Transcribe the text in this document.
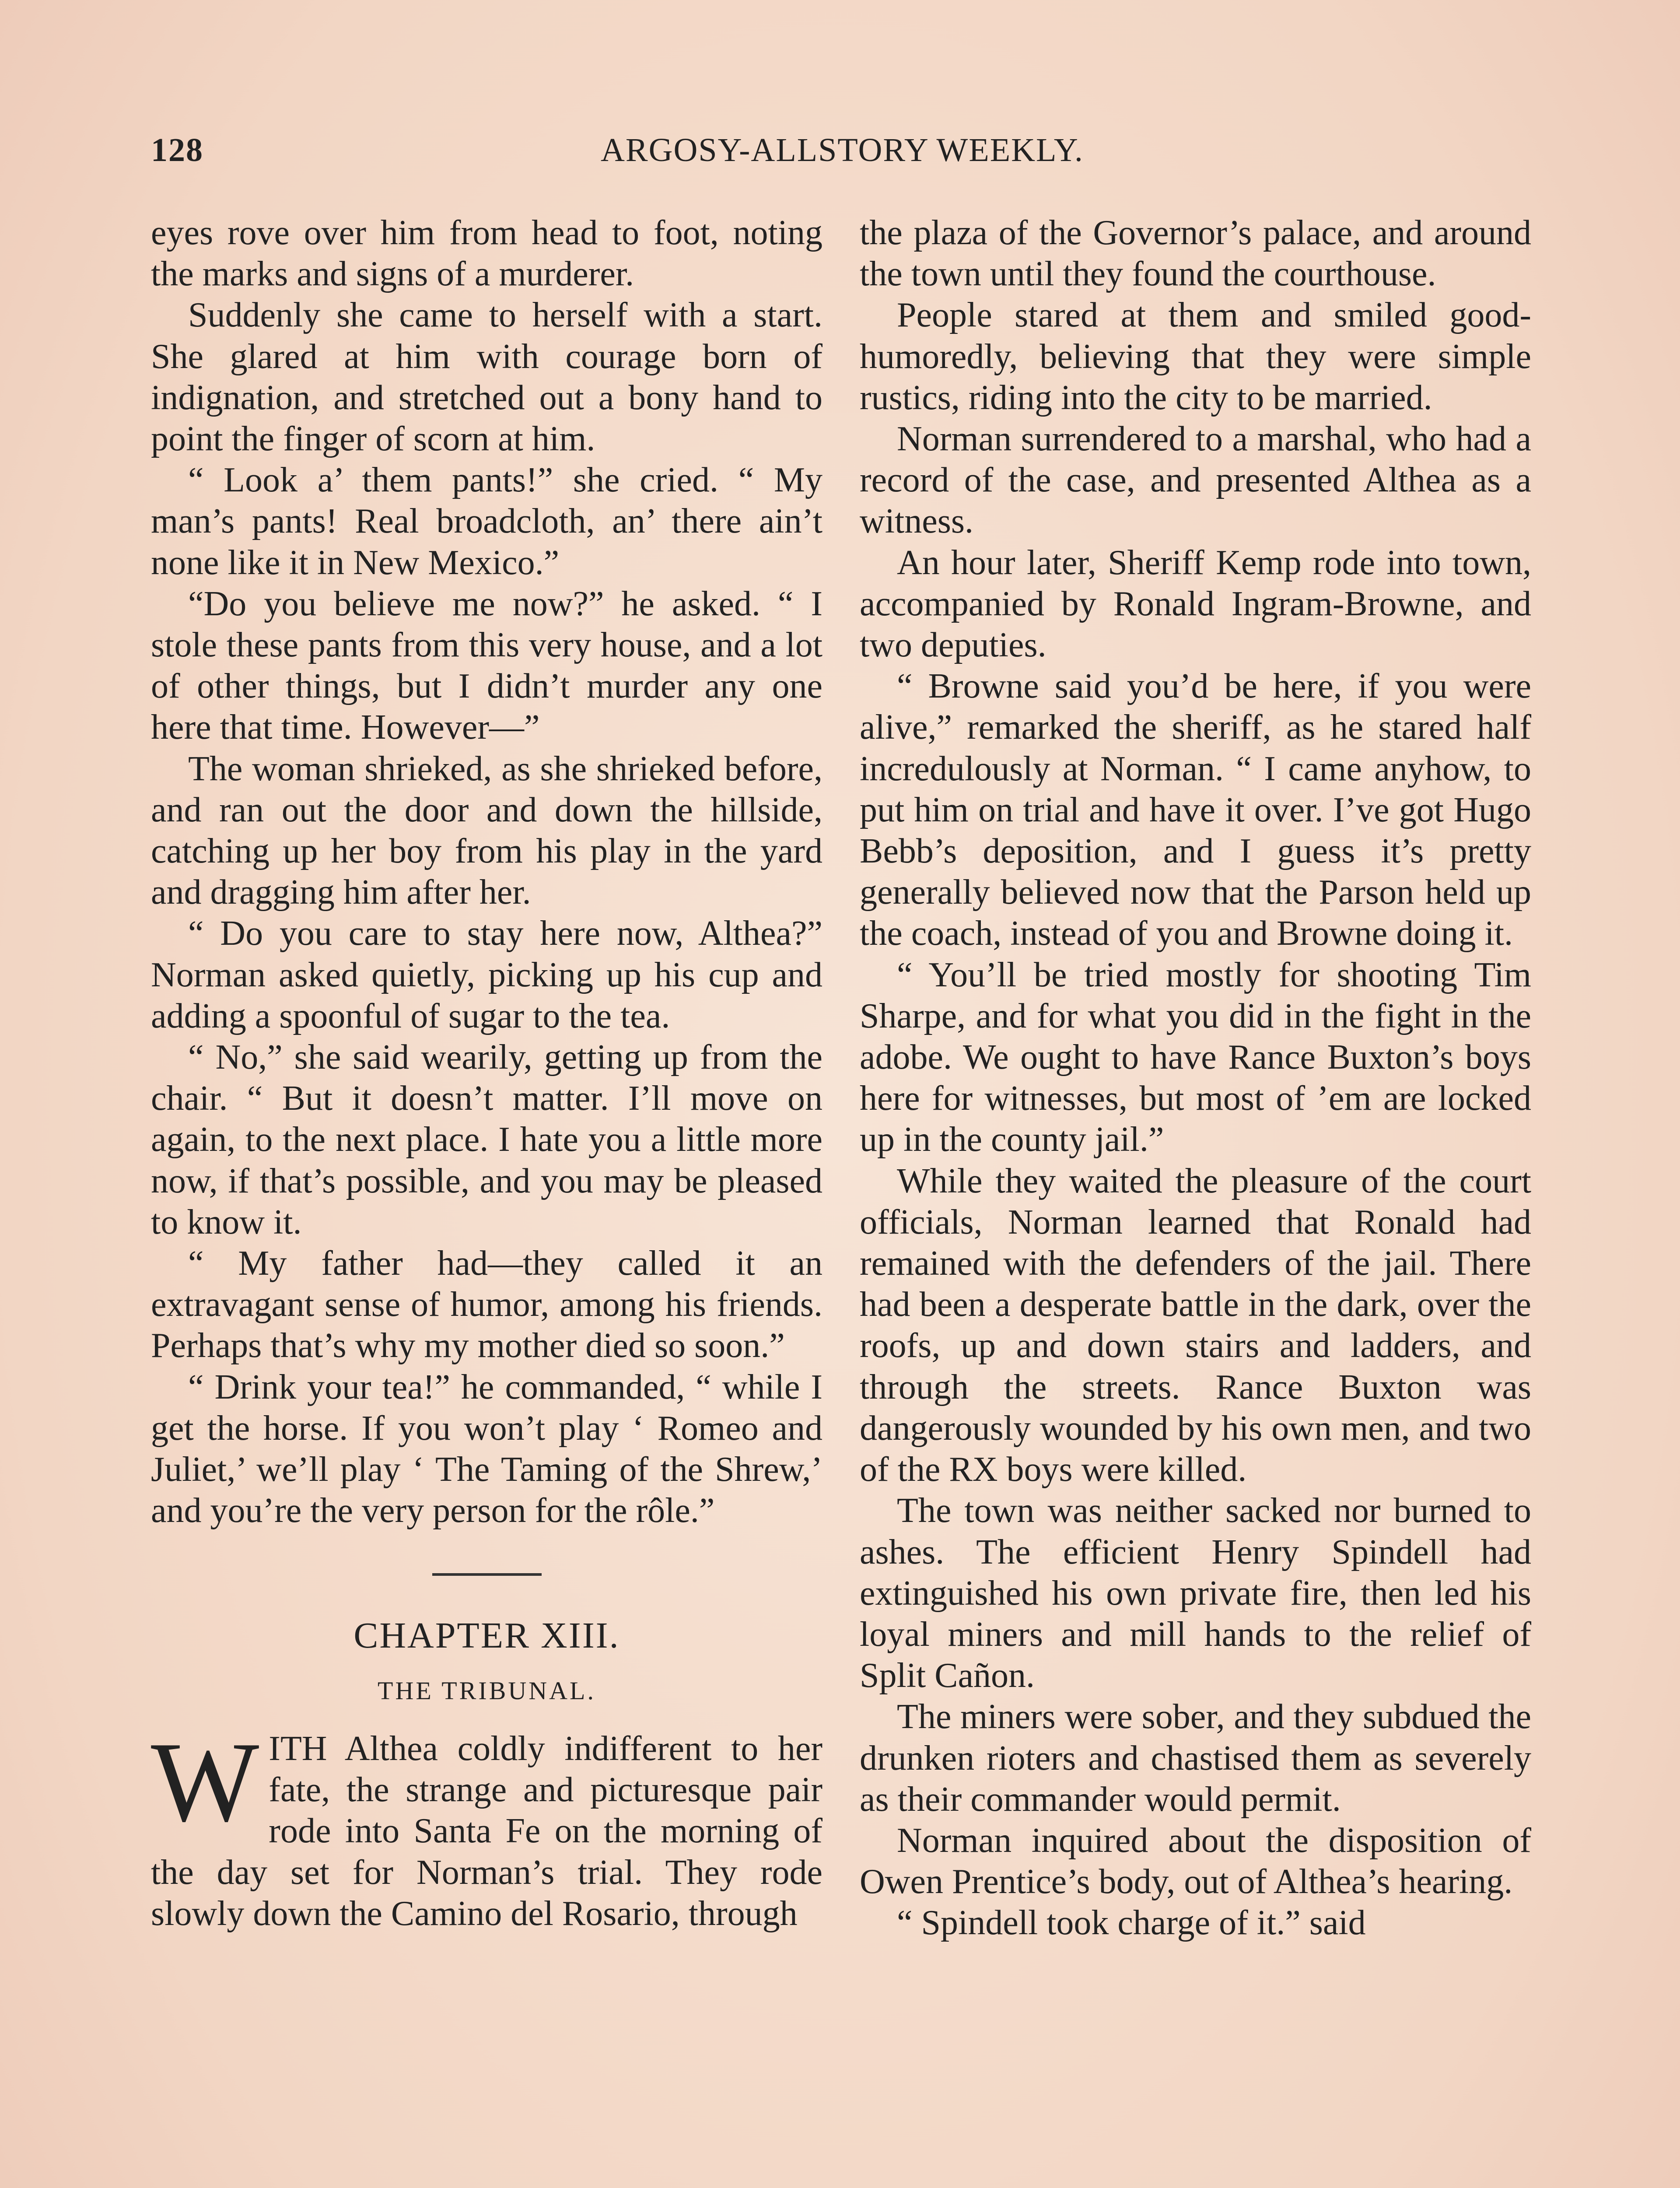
128	ARGOSY-ALLSTORY WEEKLY.

eyes rove over him from head to foot, noting the marks and signs of a murderer.

Suddenly she came to herself with a start. She glared at him with courage born of indignation, and stretched out a bony hand to point the finger of scorn at him.

“ Look a’ them pants!” she cried. “ My man’s pants! Real broadcloth, an’ there ain’t none like it in New Mexico.”

“Do you believe me now?” he asked. “ I stole these pants from this very house, and a lot of other things, but I didn’t murder any one here that time. However—”

The woman shrieked, as she shrieked before, and ran out the door and down the hillside, catching up her boy from his play in the yard and dragging him after her.

“ Do you care to stay here now, Althea?” Norman asked quietly, picking up his cup and adding a spoonful of sugar to the tea.

“ No,” she said wearily, getting up from the chair. “ But it doesn’t matter. I’ll move on again, to the next place. I hate you a little more now, if that’s possible, and you may be pleased to know it.

“ My father had—they called it an extravagant sense of humor, among his friends. Perhaps that’s why my mother died so soon.”

“ Drink your tea!” he commanded, “ while I get the horse. If you won’t play ‘ Romeo and Juliet,’ we’ll play ‘ The Taming of the Shrew,’ and you’re the very person for the rôle.”

CHAPTER XIII.
THE TRIBUNAL.

WITH Althea coldly indifferent to her fate, the strange and picturesque pair rode into Santa Fe on the morning of the day set for Norman’s trial. They rode slowly down the Camino del Rosario, through

the plaza of the Governor’s palace, and around the town until they found the courthouse.

People stared at them and smiled good-humoredly, believing that they were simple rustics, riding into the city to be married.

Norman surrendered to a marshal, who had a record of the case, and presented Althea as a witness.

An hour later, Sheriff Kemp rode into town, accompanied by Ronald Ingram-Browne, and two deputies.

“ Browne said you’d be here, if you were alive,” remarked the sheriff, as he stared half incredulously at Norman. “ I came anyhow, to put him on trial and have it over. I’ve got Hugo Bebb’s deposition, and I guess it’s pretty generally believed now that the Parson held up the coach, instead of you and Browne doing it.

“ You’ll be tried mostly for shooting Tim Sharpe, and for what you did in the fight in the adobe. We ought to have Rance Buxton’s boys here for witnesses, but most of ’em are locked up in the county jail.”

While they waited the pleasure of the court officials, Norman learned that Ronald had remained with the defenders of the jail. There had been a desperate battle in the dark, over the roofs, up and down stairs and ladders, and through the streets. Rance Buxton was dangerously wounded by his own men, and two of the RX boys were killed.

The town was neither sacked nor burned to ashes. The efficient Henry Spindell had extinguished his own private fire, then led his loyal miners and mill hands to the relief of Split Cañon.

The miners were sober, and they subdued the drunken rioters and chastised them as severely as their commander would permit.

Norman inquired about the disposition of Owen Prentice’s body, out of Althea’s hearing.

“ Spindell took charge of it.” said
